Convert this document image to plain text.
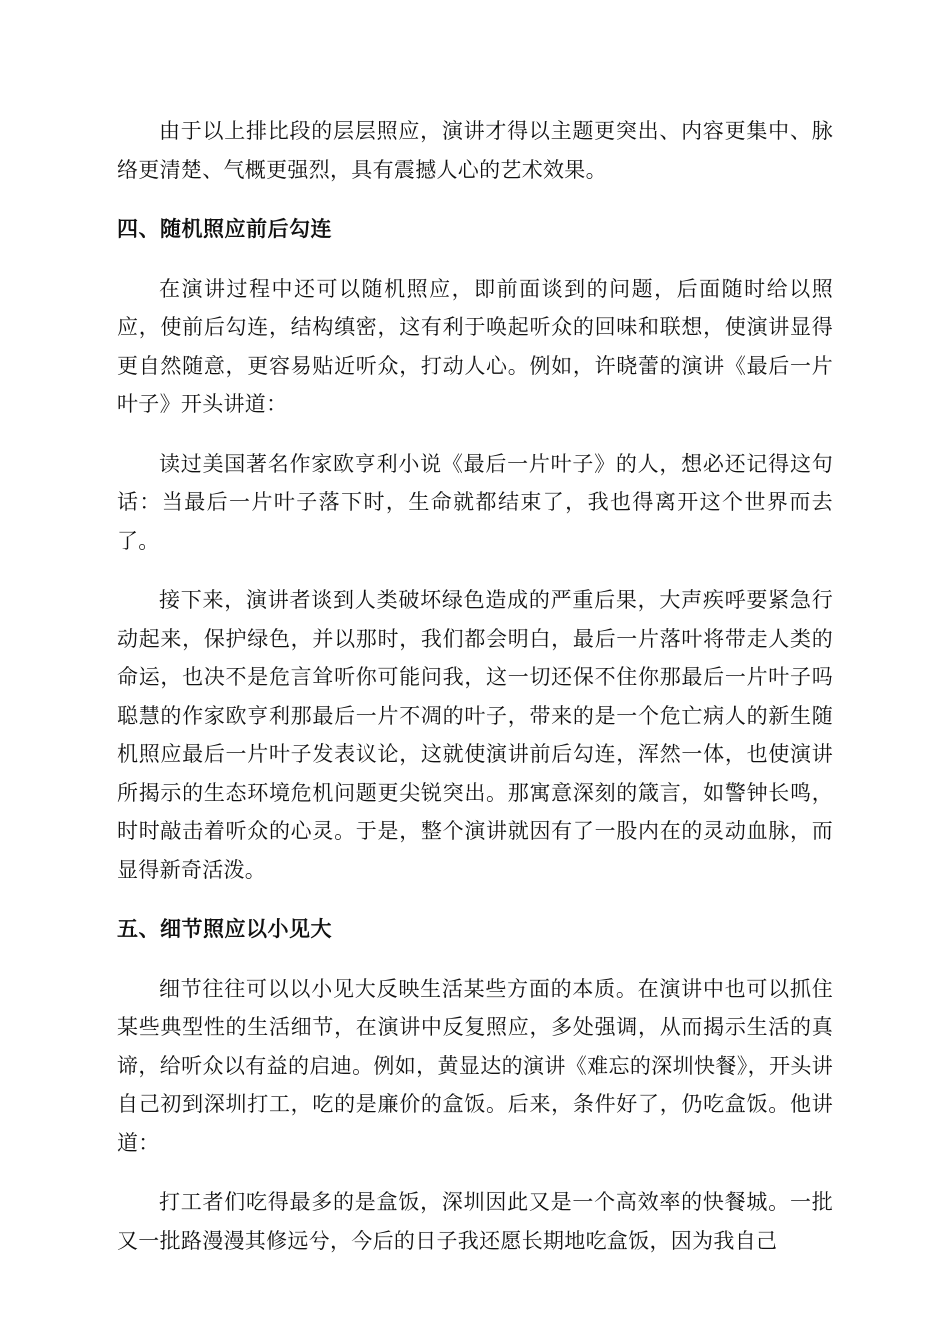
由于以上排比段的层层照应，演讲才得以主题更突出、内容更集中、脉络更清楚、气概更强烈，具有震撼人心的艺术效果。

四、随机照应前后勾连

在演讲过程中还可以随机照应，即前面谈到的问题，后面随时给以照应，使前后勾连，结构缜密，这有利于唤起听众的回味和联想，使演讲显得更自然随意，更容易贴近听众，打动人心。例如，许晓蕾的演讲《最后一片叶子》开头讲道：

读过美国著名作家欧亨利小说《最后一片叶子》的人，想必还记得这句话：当最后一片叶子落下时，生命就都结束了，我也得离开这个世界而去了。

接下来，演讲者谈到人类破坏绿色造成的严重后果，大声疾呼要紧急行动起来，保护绿色，并以那时，我们都会明白，最后一片落叶将带走人类的命运，也决不是危言耸听你可能问我，这一切还保不住你那最后一片叶子吗聪慧的作家欧亨利那最后一片不凋的叶子，带来的是一个危亡病人的新生随机照应最后一片叶子发表议论，这就使演讲前后勾连，浑然一体，也使演讲所揭示的生态环境危机问题更尖锐突出。那寓意深刻的箴言，如警钟长鸣，时时敲击着听众的心灵。于是，整个演讲就因有了一股内在的灵动血脉，而显得新奇活泼。

五、细节照应以小见大

细节往往可以以小见大反映生活某些方面的本质。在演讲中也可以抓住某些典型性的生活细节，在演讲中反复照应，多处强调，从而揭示生活的真谛，给听众以有益的启迪。例如，黄显达的演讲《难忘的深圳快餐》，开头讲自己初到深圳打工，吃的是廉价的盒饭。后来，条件好了，仍吃盒饭。他讲道：

打工者们吃得最多的是盒饭，深圳因此又是一个高效率的快餐城。一批又一批路漫漫其修远兮，今后的日子我还愿长期地吃盒饭，因为我自己
